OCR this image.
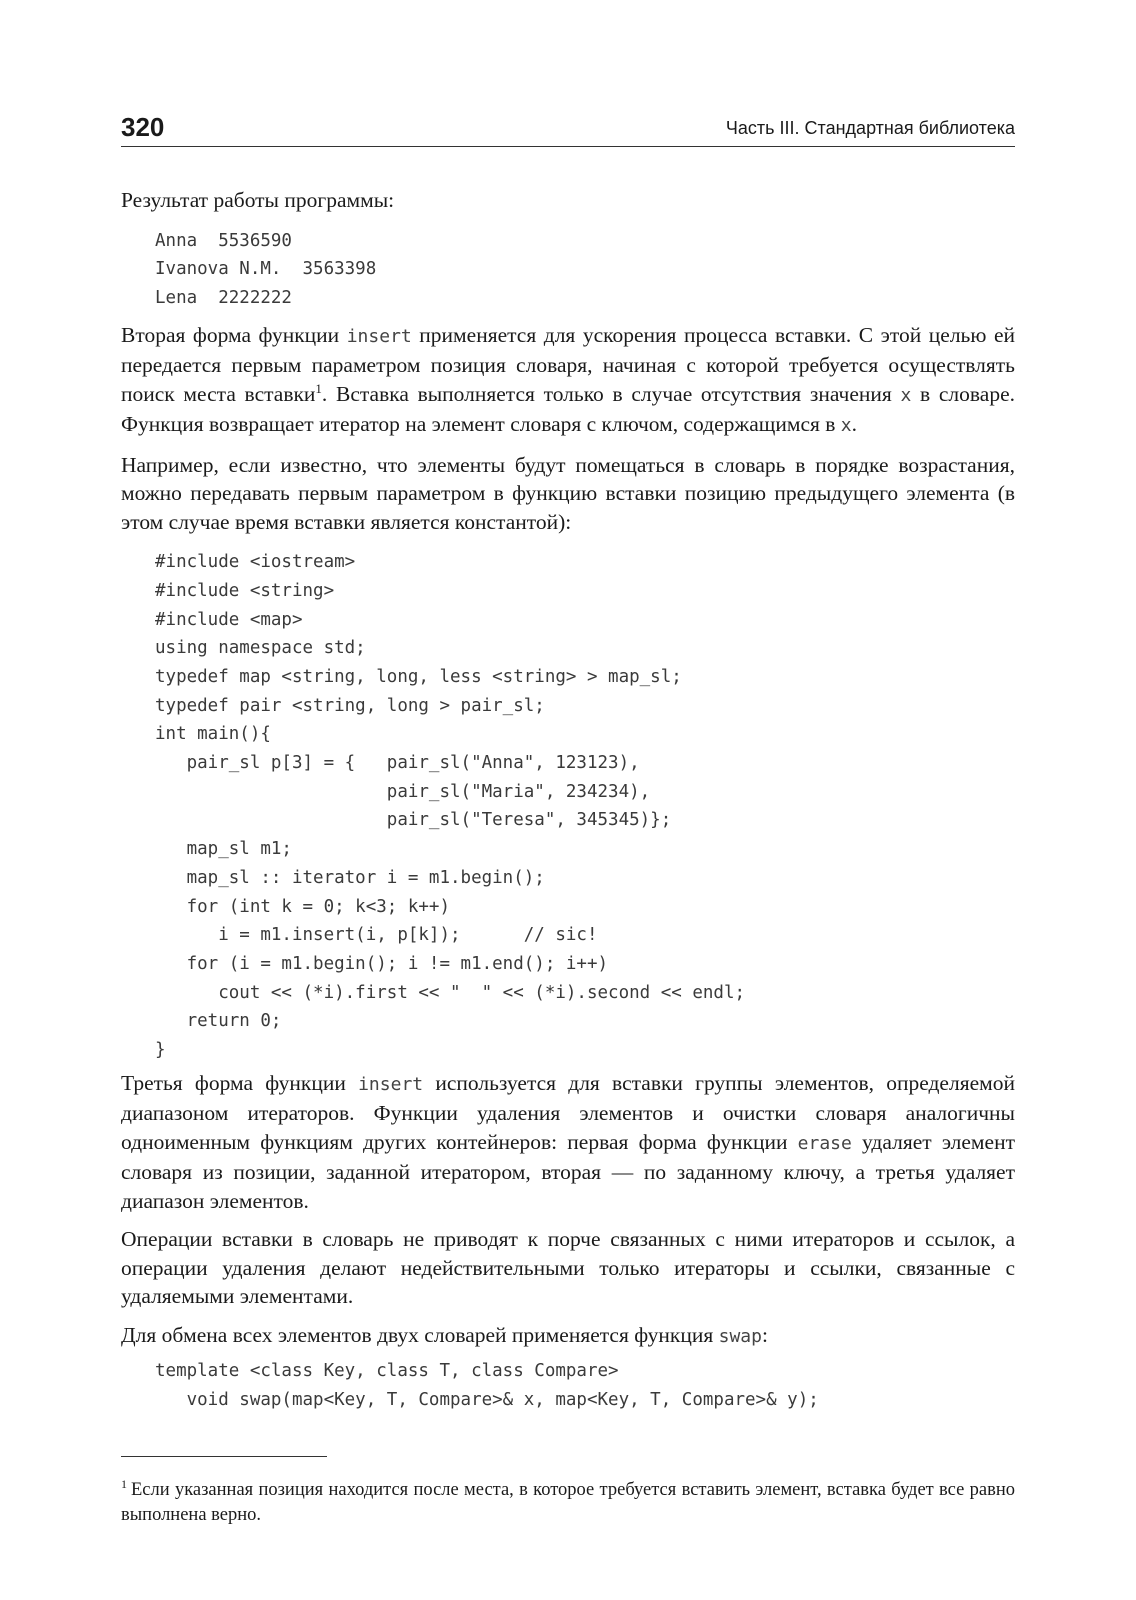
320	Часть III. Стандартная библиотека

Результат работы программы:

Anna  5536590
Ivanova N.M.  3563398
Lena  2222222

Вторая форма функции insert применяется для ускорения процесса вставки. С этой целью ей передается первым параметром позиция словаря, начиная с которой требуется осуществлять поиск места вставки$^1$. Вставка выполняется только в случае отсутствия значения x в словаре. Функция возвращает итератор на элемент словаря с ключом, содержащимся в x.

Например, если известно, что элементы будут помещаться в словарь в порядке возрастания, можно передавать первым параметром в функцию вставки позицию предыдущего элемента (в этом случае время вставки является константой):

#include <iostream>
#include <string>
#include <map>
using namespace std;
typedef map <string, long, less <string> > map_sl;
typedef pair <string, long > pair_sl;
int main(){
pair_sl p[3] = {   pair_sl("Anna", 123123),
pair_sl("Maria", 234234),
pair_sl("Teresa", 345345)};
map_sl m1;
map_sl :: iterator i = m1.begin();
for (int k = 0; k<3; k++)
i = m1.insert(i, p[k]);      // sic!
for (i = m1.begin(); i != m1.end(); i++)
cout << (*i).first << "  " << (*i).second << endl;
return 0;
}

Третья форма функции insert используется для вставки группы элементов, определяемой диапазоном итераторов. Функции удаления элементов и очистки словаря аналогичны одноименным функциям других контейнеров: первая форма функции erase удаляет элемент словаря из позиции, заданной итератором, вторая — по заданному ключу, а третья удаляет диапазон элементов.

Операции вставки в словарь не приводят к порче связанных с ними итераторов и ссылок, а операции удаления делают недействительными только итераторы и ссылки, связанные с удаляемыми элементами.

Для обмена всех элементов двух словарей применяется функция swap:

template <class Key, class T, class Compare>
void swap(map<Key, T, Compare>& x, map<Key, T, Compare>& y);
$^1$ Если указанная позиция находится после места, в которое требуется вставить элемент, вставка будет все равно выполнена верно.
